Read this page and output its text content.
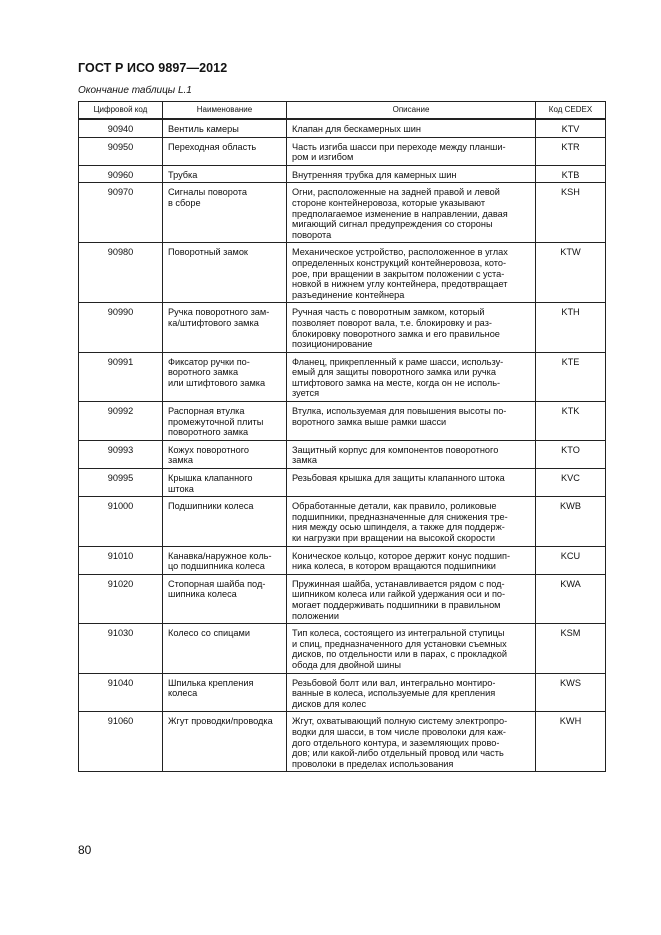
ГОСТ Р ИСО 9897—2012
Окончание таблицы L.1
Цифровой код	Наименование	Описание	Код CEDEX
90940	Вентиль камеры	Клапан для бескамерных шин	KTV
90950	Переходная область	Часть изгиба шасси при переходе между планши-
ром и изгибом	KTR
90960	Трубка	Внутренняя трубка для камерных шин	KTB
90970	Сигналы поворота
в сборе	Огни, расположенные на задней правой и левой
стороне контейнеровоза, которые указывают
предполагаемое изменение в направлении, давая
мигающий сигнал предупреждения со стороны
поворота	KSH
90980	Поворотный замок	Механическое устройство, расположенное в углах
определенных конструкций контейнеровоза, кото-
рое, при вращении в закрытом положении с уста-
новкой в нижнем углу контейнера, предотвращает
разъединение контейнера	KTW
90990	Ручка поворотного зам-
ка/штифтового замка	Ручная часть с поворотным замком, который
позволяет поворот вала, т.е. блокировку и раз-
блокировку поворотного замка и его правильное
позиционирование	KTH
90991	Фиксатор ручки по-
воротного замка
или штифтового замка	Фланец, прикрепленный к раме шасси, использу-
емый для защиты поворотного замка или ручка
штифтового замка на месте, когда он не исполь-
зуется	KTE
90992	Распорная втулка
промежуточной плиты
поворотного замка	Втулка, используемая для повышения высоты по-
воротного замка выше рамки шасси	KTK
90993	Кожух поворотного
замка	Защитный корпус для компонентов поворотного
замка	KTO
90995	Крышка клапанного
штока	Резьбовая крышка для защиты клапанного штока	KVC
91000	Подшипники колеса	Обработанные детали, как правило, роликовые
подшипники, предназначенные для снижения тре-
ния между осью шпинделя, а также для поддерж-
ки нагрузки при вращении на высокой скорости	KWB
91010	Канавка/наружное коль-
цо подшипника колеса	Коническое кольцо, которое держит конус подшип-
ника колеса, в котором вращаются подшипники	KCU
91020	Стопорная шайба под-
шипника колеса	Пружинная шайба, устанавливается рядом с под-
шипником колеса или гайкой удержания оси и по-
могает поддерживать подшипники в правильном
положении	KWA
91030	Колесо со спицами	Тип колеса, состоящего из интегральной ступицы
и спиц, предназначенного для установки съемных
дисков, по отдельности или в парах, с прокладкой
обода для двойной шины	KSM
91040	Шпилька крепления
колеса	Резьбовой болт или вал, интегрально монтиро-
ванные в колеса, используемые для крепления
дисков для колес	KWS
91060	Жгут проводки/проводка	Жгут, охватывающий полную систему электропро-
водки для шасси, в том числе проволоки для каж-
дого отдельного контура, и заземляющих прово-
дов; или какой-либо отдельный провод или часть
проволоки в пределах использования	KWH
80
